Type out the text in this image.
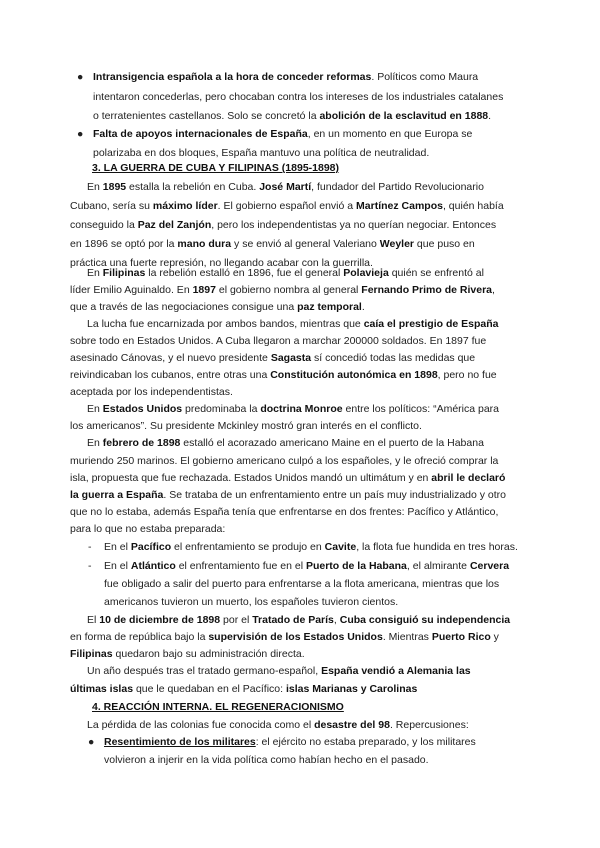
● Intransigencia española a la hora de conceder reformas. Políticos como Maura
intentaron concederlas, pero chocaban contra los intereses de los industriales catalanes
o terratenientes castellanos. Solo se concretó la abolición de la esclavitud en 1888.
● Falta de apoyos internacionales de España, en un momento en que Europa se
polarizaba en dos bloques, España mantuvo una política de neutralidad.
3. LA GUERRA DE CUBA Y FILIPINAS (1895-1898)
En 1895 estalla la rebelión en Cuba. José Martí, fundador del Partido Revolucionario
Cubano, sería su máximo líder. El gobierno español envió a Martínez Campos, quién había
conseguido la Paz del Zanjón, pero los independentistas ya no querían negociar. Entonces
en 1896 se optó por la mano dura y se envió al general Valeriano Weyler que puso en
práctica una fuerte represión, no llegando acabar con la guerrilla.
En Filipinas la rebelión estalló en 1896, fue el general Polavieja quién se enfrentó al
líder Emilio Aguinaldo. En 1897 el gobierno nombra al general Fernando Primo de Rivera,
que a través de las negociaciones consigue una paz temporal.
La lucha fue encarnizada por ambos bandos, mientras que caía el prestigio de España
sobre todo en Estados Unidos. A Cuba llegaron a marchar 200000 soldados. En 1897 fue
asesinado Cánovas, y el nuevo presidente Sagasta sí concedió todas las medidas que
reivindicaban los cubanos, entre otras una Constitución autonómica en 1898, pero no fue
aceptada por los independentistas.
En Estados Unidos predominaba la doctrina Monroe entre los políticos: “América para
los americanos”. Su presidente Mckinley mostró gran interés en el conflicto.
En febrero de 1898 estalló el acorazado americano Maine en el puerto de la Habana
muriendo 250 marinos. El gobierno americano culpó a los españoles, y le ofreció comprar la
isla, propuesta que fue rechazada. Estados Unidos mandó un ultimátum y en abril le declaró
la guerra a España. Se trataba de un enfrentamiento entre un país muy industrializado y otro
que no lo estaba, además España tenía que enfrentarse en dos frentes: Pacífico y Atlántico,
para lo que no estaba preparada:
- En el Pacífico el enfrentamiento se produjo en Cavite, la flota fue hundida en tres horas.
- En el Atlántico el enfrentamiento fue en el Puerto de la Habana, el almirante Cervera
fue obligado a salir del puerto para enfrentarse a la flota americana, mientras que los
americanos tuvieron un muerto, los españoles tuvieron cientos.
El 10 de diciembre de 1898 por el Tratado de París, Cuba consiguió su independencia
en forma de república bajo la supervisión de los Estados Unidos. Mientras Puerto Rico y
Filipinas quedaron bajo su administración directa.
Un año después tras el tratado germano-español, España vendió a Alemania las
últimas islas que le quedaban en el Pacífico: islas Marianas y Carolinas
4. REACCIÓN INTERNA. EL REGENERACIONISMO
La pérdida de las colonias fue conocida como el desastre del 98. Repercusiones:
● Resentimiento de los militares: el ejército no estaba preparado, y los militares
volvieron a injerir en la vida política como habían hecho en el pasado.
